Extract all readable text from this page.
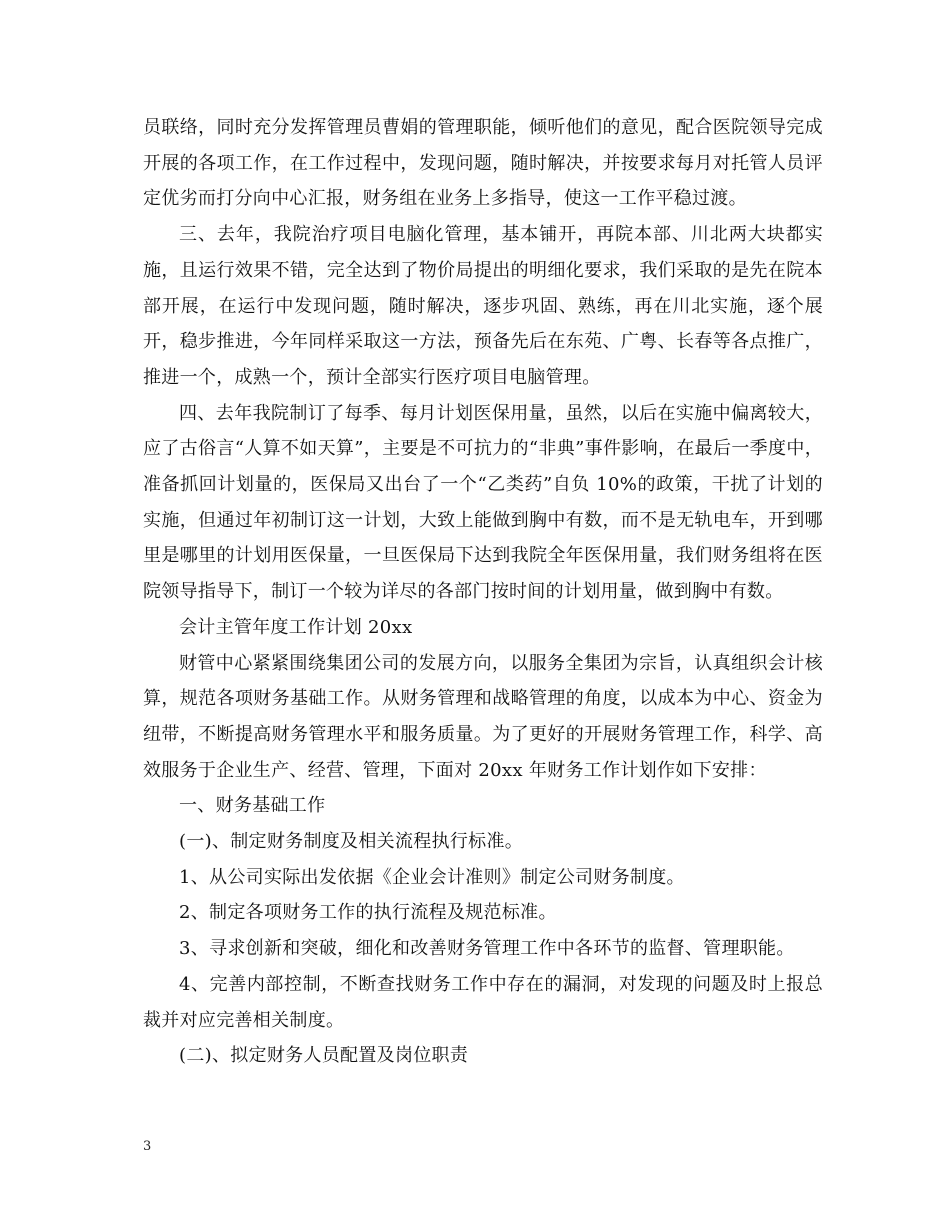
员联络，同时充分发挥管理员曹娟的管理职能，倾听他们的意见，配合医院领导完成开展的各项工作，在工作过程中，发现问题，随时解决，并按要求每月对托管人员评定优劣而打分向中心汇报，财务组在业务上多指导，使这一工作平稳过渡。

三、去年，我院治疗项目电脑化管理，基本铺开，再院本部、川北两大块都实施，且运行效果不错，完全达到了物价局提出的明细化要求，我们采取的是先在院本部开展，在运行中发现问题，随时解决，逐步巩固、熟练，再在川北实施，逐个展开，稳步推进，今年同样采取这一方法，预备先后在东苑、广粤、长春等各点推广，推进一个，成熟一个，预计全部实行医疗项目电脑管理。

四、去年我院制订了每季、每月计划医保用量，虽然，以后在实施中偏离较大，应了古俗言“人算不如天算”，主要是不可抗力的“非典”事件影响，在最后一季度中，准备抓回计划量的，医保局又出台了一个“乙类药”自负 10%的政策，干扰了计划的实施，但通过年初制订这一计划，大致上能做到胸中有数，而不是无轨电车，开到哪里是哪里的计划用医保量，一旦医保局下达到我院全年医保用量，我们财务组将在医院领导指导下，制订一个较为详尽的各部门按时间的计划用量，做到胸中有数。

会计主管年度工作计划 20xx

财管中心紧紧围绕集团公司的发展方向，以服务全集团为宗旨，认真组织会计核算，规范各项财务基础工作。从财务管理和战略管理的角度，以成本为中心、资金为纽带，不断提高财务管理水平和服务质量。为了更好的开展财务管理工作，科学、高效服务于企业生产、经营、管理，下面对 20xx 年财务工作计划作如下安排：

一、财务基础工作

(一)、制定财务制度及相关流程执行标准。

1、从公司实际出发依据《企业会计准则》制定公司财务制度。

2、制定各项财务工作的执行流程及规范标准。

3、寻求创新和突破，细化和改善财务管理工作中各环节的监督、管理职能。

4、完善内部控制，不断查找财务工作中存在的漏洞，对发现的问题及时上报总裁并对应完善相关制度。

(二)、拟定财务人员配置及岗位职责

3
